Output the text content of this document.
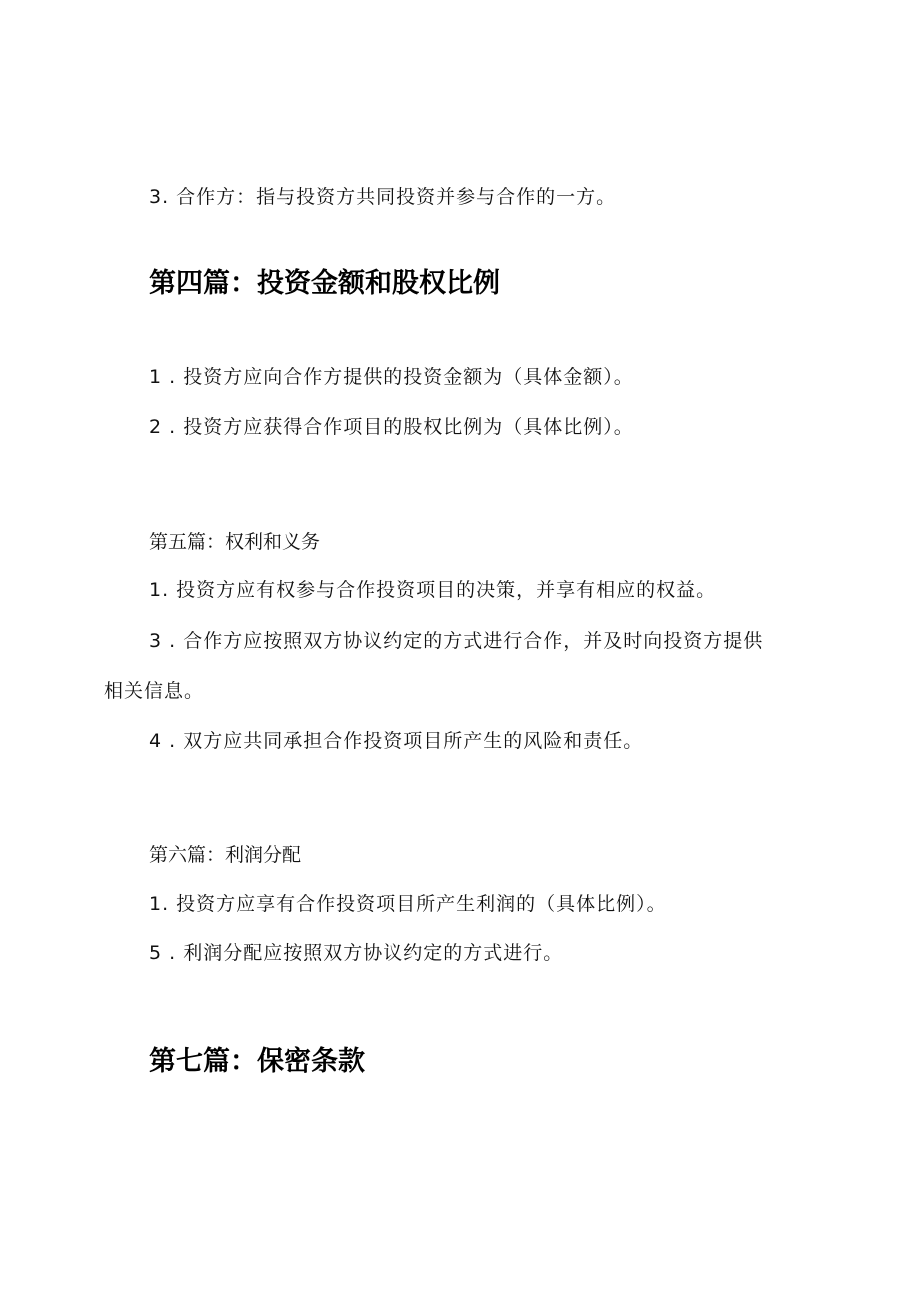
3. 合作方：指与投资方共同投资并参与合作的一方。
第四篇：投资金额和股权比例
1 . 投资方应向合作方提供的投资金额为（具体金额）。
2 . 投资方应获得合作项目的股权比例为（具体比例）。
第五篇：权利和义务
1. 投资方应有权参与合作投资项目的决策，并享有相应的权益。
3 . 合作方应按照双方协议约定的方式进行合作，并及时向投资方提供
相关信息。
4 . 双方应共同承担合作投资项目所产生的风险和责任。
第六篇：利润分配
1. 投资方应享有合作投资项目所产生利润的（具体比例）。
5 . 利润分配应按照双方协议约定的方式进行。
第七篇：保密条款
